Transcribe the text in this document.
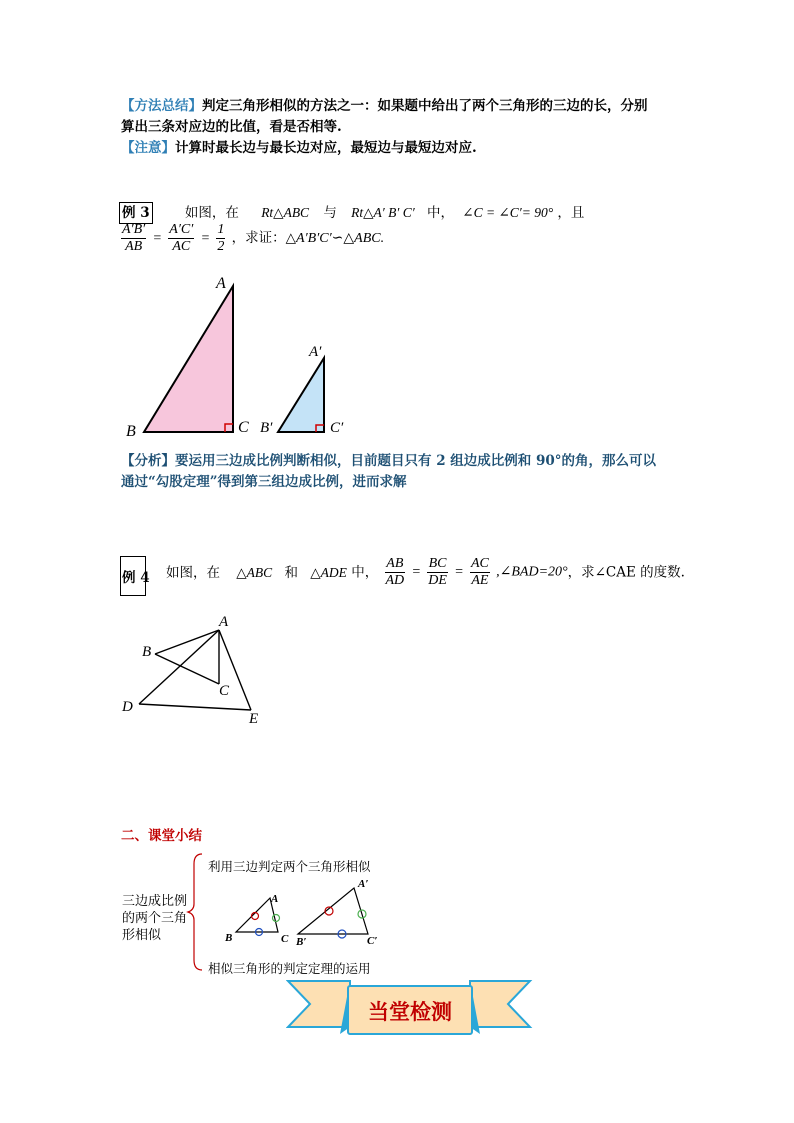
【方法总结】判定三角形相似的方法之一：如果题中给出了两个三角形的三边的长，分别
算出三条对应边的比值，看是否相等.
【注意】计算时最长边与最长边对应，最短边与最短边对应.
例 3	如图，在 Rt△ABC 与 Rt△A′ B′ C′ 中， ∠C = ∠C′= 90° ，且
$\frac{A'B'}{AB} = \frac{A'C'}{AC} = \frac{1}{2}$ ，求证：△A′B′C′∽△ABC.
A
B	C
A′
B′	C′
【分析】要运用三边成比例判断相似，目前题目只有 2 组边成比例和 90°的角，那么可以
通过“勾股定理”得到第三组边成比例，进而求解
例 4 如图，在 △ABC 和 △ADE 中， $\frac{AB}{AD} = \frac{BC}{DE} = \frac{AC}{AE}$ ,∠BAD=20°，求∠CAE 的度数.
A
B
C
D
E
二、课堂小结
三边成比例
的两个三角
形相似
A
B	C
A′
B′	C′
利用三边判定两个三角形相似
相似三角形的判定定理的运用
当堂检测
